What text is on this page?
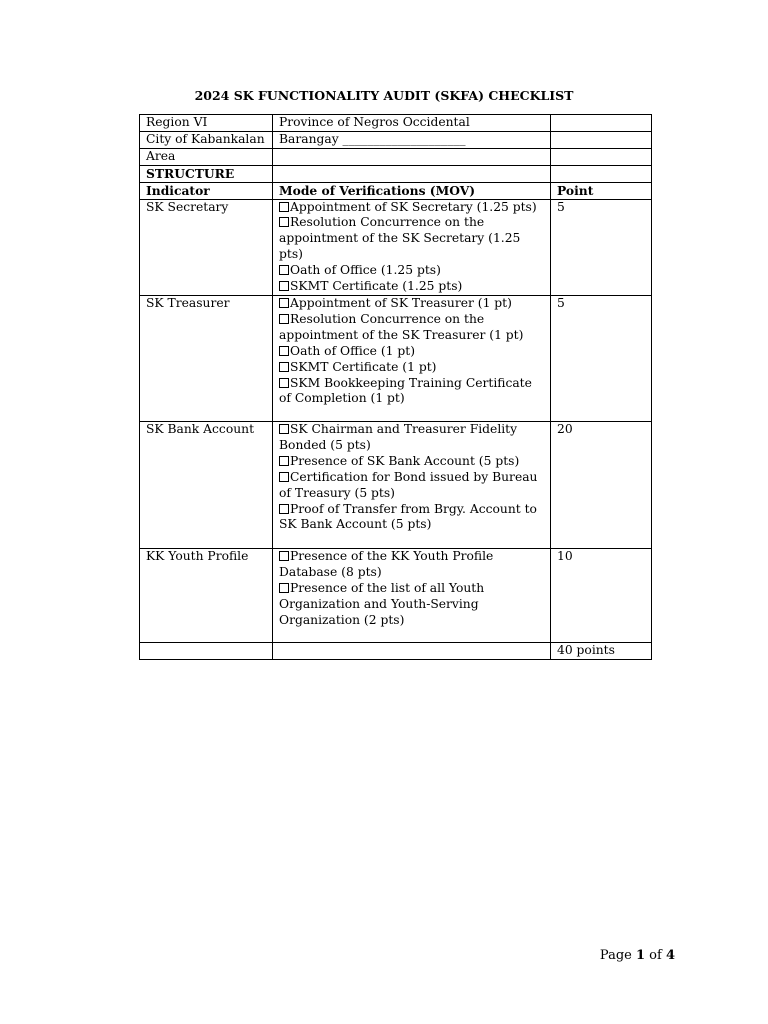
2024 SK FUNCTIONALITY AUDIT (SKFA) CHECKLIST
Region VI	Province of Negros Occidental	
City of Kabankalan	Barangay ____________________	
Area		
STRUCTURE		
Indicator	Mode of Verifications (MOV)	Point
SK Secretary	Appointment of SK Secretary (1.25 pts)
Resolution Concurrence on the appointment of the SK Secretary (1.25 pts)
Oath of Office (1.25 pts)
SKMT Certificate (1.25 pts)	5
SK Treasurer	Appointment of SK Treasurer (1 pt)
Resolution Concurrence on the appointment of the SK Treasurer (1 pt)
Oath of Office (1 pt)
SKMT Certificate (1 pt)
SKM Bookkeeping Training Certificate of Completion (1 pt)	5
SK Bank Account	SK Chairman and Treasurer Fidelity Bonded (5 pts)
Presence of SK Bank Account (5 pts)
Certification for Bond issued by Bureau of Treasury (5 pts)
Proof of Transfer from Brgy. Account to SK Bank Account (5 pts)	20
KK Youth Profile	Presence of the KK Youth Profile Database (8 pts)
Presence of the list of all Youth Organization and Youth-Serving Organization (2 pts)	10
		40 points
Page 1 of 4
